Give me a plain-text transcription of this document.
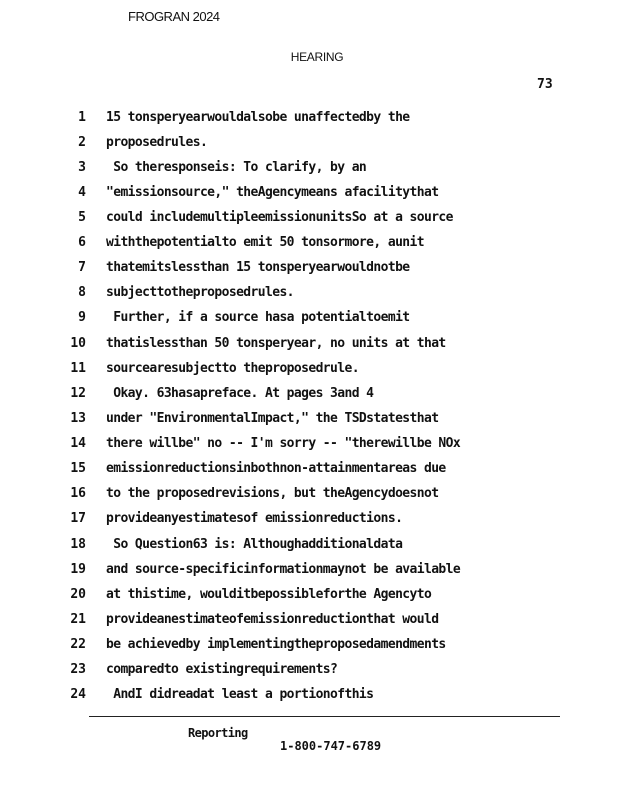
FROGRAN 2024
HEARING
73
1 15 tonsperyearwouldalsobe unaffectedby the
2 proposedrules.
3 So theresponseis: To clarify, by an
4 "emissionsource," theAgencymeans afacilitythat
5 could includemultipleemissionunitsSo at a source
6 withthepotentialto emit 50 tonsormore, aunit
7 thatemitslessthan 15 tonsperyearwouldnotbe
8 subjecttotheproposedrules.
9 Further, if a source hasa potentialtoemit
10 thatislessthan 50 tonsperyear, no units at that
11 sourcearesubjectto theproposedrule.
12 Okay. 63hasapreface. At pages 3and 4
13 under "EnvironmentalImpact," the TSDstatesthat
14 there willbe" no -- I'm sorry -- "therewillbe NOx
15 emissionreductionsinbothnon-attainmentareas due
16 to the proposedrevisions, but theAgencydoesnot
17 provideanyestimatesof emissionreductions.
18 So Question63 is: Althoughadditionaldata
19 and source-specificinformationmaynot be available
20 at thistime, woulditbepossibleforthe Agencyto
21 provideanestimateofemissionreductionthat would
22 be achievedby implementingtheproposedamendments
23 comparedto existingrequirements?
24 AndI didreadat least a portionofthis
Reporting
1-800-747-6789
